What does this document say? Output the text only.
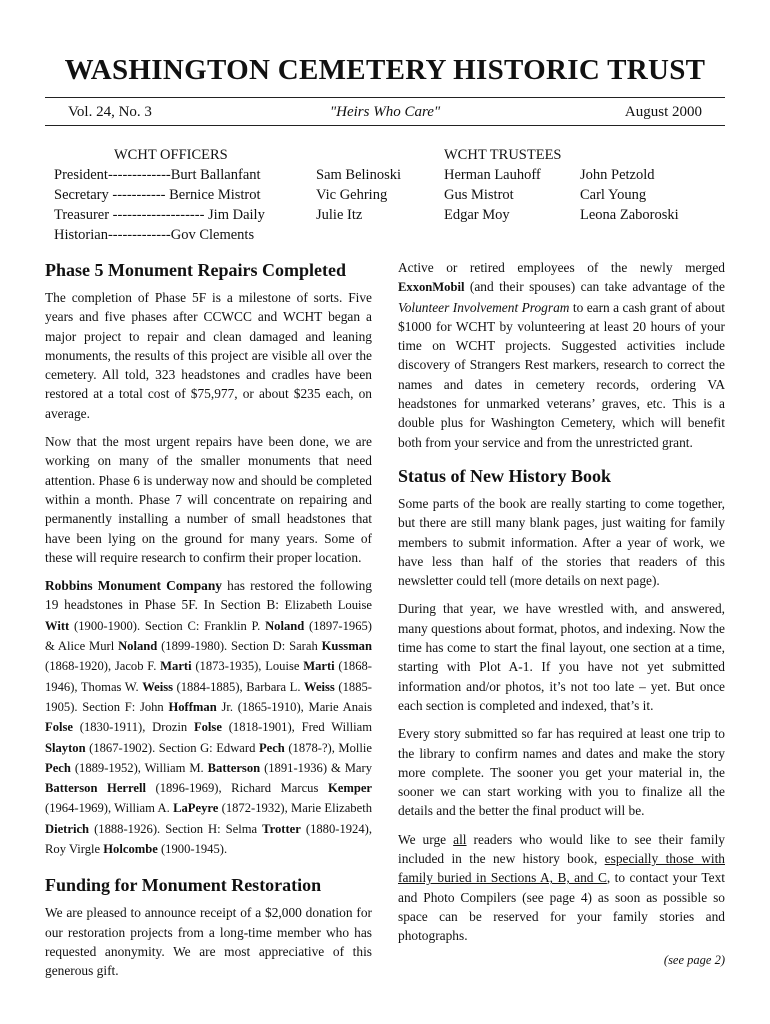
WASHINGTON CEMETERY HISTORIC TRUST
Vol. 24, No. 3	"Heirs Who Care"	August 2000
WCHT OFFICERS
President-------------Burt Ballanfant
Secretary ----------- Bernice Mistrot
Treasurer ------------------- Jim Daily
Historian-------------Gov Clements
Sam Belinoski
Vic Gehring
Julie Itz
WCHT TRUSTEES
Herman Lauhoff
Gus Mistrot
Edgar Moy
John Petzold
Carl Young
Leona Zaboroski
Phase 5 Monument Repairs Completed

The completion of Phase 5F is a milestone of sorts. Five years and five phases after CCWCC and WCHT began a major project to repair and clean damaged and leaning monuments, the results of this project are visible all over the cemetery. All told, 323 headstones and cradles have been restored at a total cost of $75,977, or about $235 each, on average.

Now that the most urgent repairs have been done, we are working on many of the smaller monuments that need attention. Phase 6 is underway now and should be completed within a month. Phase 7 will concentrate on repairing and permanently installing a number of small headstones that have been lying on the ground for many years. Some of these will require research to confirm their proper location.

Robbins Monument Company has restored the following 19 headstones in Phase 5F. In Section B: Elizabeth Louise Witt (1900-1900). Section C: Franklin P. Noland (1897-1965) & Alice Murl Noland (1899-1980). Section D: Sarah Kussman (1868-1920), Jacob F. Marti (1873-1935), Louise Marti (1868-1946), Thomas W. Weiss (1884-1885), Barbara L. Weiss (1885-1905). Section F: John Hoffman Jr. (1865-1910), Marie Anais Folse (1830-1911), Drozin Folse (1818-1901), Fred William Slayton (1867-1902). Section G: Edward Pech (1878-?), Mollie Pech (1889-1952), William M. Batterson (1891-1936) & Mary Batterson Herrell (1896-1969), Richard Marcus Kemper (1964-1969), William A. LaPeyre (1872-1932), Marie Elizabeth Dietrich (1888-1926). Section H: Selma Trotter (1880-1924), Roy Virgle Holcombe (1900-1945).

Funding for Monument Restoration

We are pleased to announce receipt of a $2,000 donation for our restoration projects from a long-time member who has requested anonymity. We are most appreciative of this generous gift.

Active or retired employees of the newly merged ExxonMobil (and their spouses) can take advantage of the Volunteer Involvement Program to earn a cash grant of about $1000 for WCHT by volunteering at least 20 hours of your time on WCHT projects. Suggested activities include discovery of Strangers Rest markers, research to correct the names and dates in cemetery records, ordering VA headstones for unmarked veterans’ graves, etc. This is a double plus for Washington Cemetery, which will benefit both from your service and from the unrestricted grant.

Status of New History Book

Some parts of the book are really starting to come together, but there are still many blank pages, just waiting for family members to submit information. After a year of work, we have less than half of the stories that readers of this newsletter could tell (more details on next page).

During that year, we have wrestled with, and answered, many questions about format, photos, and indexing. Now the time has come to start the final layout, one section at a time, starting with Plot A-1. If you have not yet submitted information and/or photos, it’s not too late – yet. But once each section is completed and indexed, that’s it.

Every story submitted so far has required at least one trip to the library to confirm names and dates and make the story more complete. The sooner you get your material in, the sooner we can start working with you to finalize all the details and the better the final product will be.

We urge all readers who would like to see their family included in the new history book, especially those with family buried in Sections A, B, and C, to contact your Text and Photo Compilers (see page 4) as soon as possible so space can be reserved for your family stories and photographs.

(see page 2)
